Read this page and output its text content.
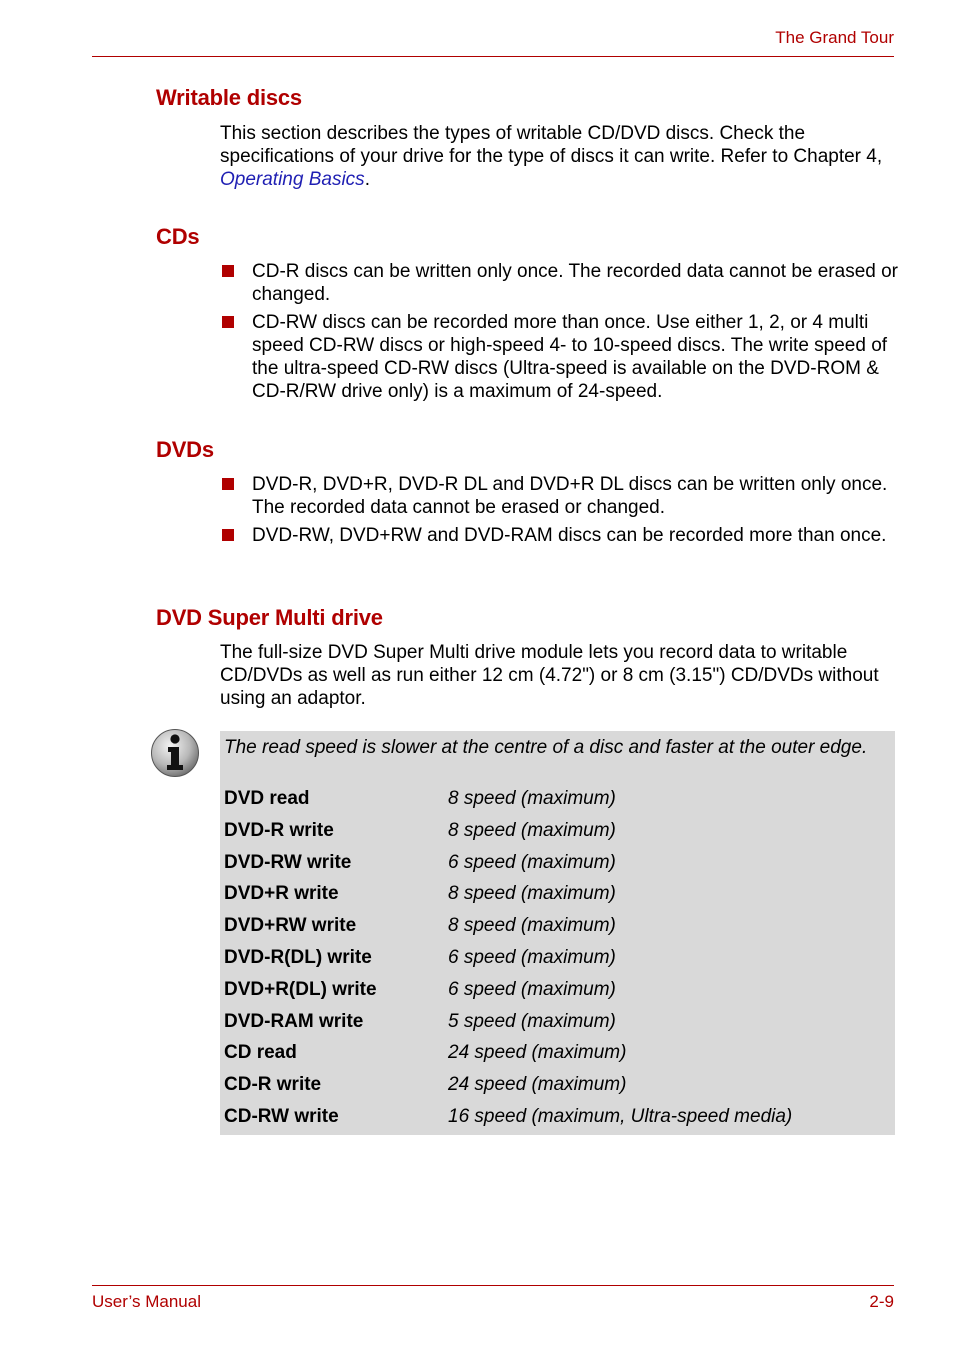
The Grand Tour
Writable discs
This section describes the types of writable CD/DVD discs. Check the specifications of your drive for the type of discs it can write. Refer to Chapter 4, Operating Basics.
CDs
CD-R discs can be written only once. The recorded data cannot be erased or changed.
CD-RW discs can be recorded more than once. Use either 1, 2, or 4 multi speed CD-RW discs or high-speed 4- to 10-speed discs. The write speed of the ultra-speed CD-RW discs (Ultra-speed is available on the DVD-ROM & CD-R/RW drive only) is a maximum of 24-speed.
DVDs
DVD-R, DVD+R, DVD-R DL and DVD+R DL discs can be written only once. The recorded data cannot be erased or changed.
DVD-RW, DVD+RW and DVD-RAM discs can be recorded more than once.
DVD Super Multi drive
The full-size DVD Super Multi drive module lets you record data to writable CD/DVDs as well as run either 12 cm (4.72") or 8 cm (3.15") CD/DVDs without using an adaptor.
The read speed is slower at the centre of a disc and faster at the outer edge.
DVD read	8 speed (maximum)
DVD-R write	8 speed (maximum)
DVD-RW write	6 speed (maximum)
DVD+R write	8 speed (maximum)
DVD+RW write	8 speed (maximum)
DVD-R(DL) write	6 speed (maximum)
DVD+R(DL) write	6 speed (maximum)
DVD-RAM write	5 speed (maximum)
CD read	24 speed (maximum)
CD-R write	24 speed (maximum)
CD-RW write	16 speed (maximum, Ultra-speed media)
User’s Manual	2-9
